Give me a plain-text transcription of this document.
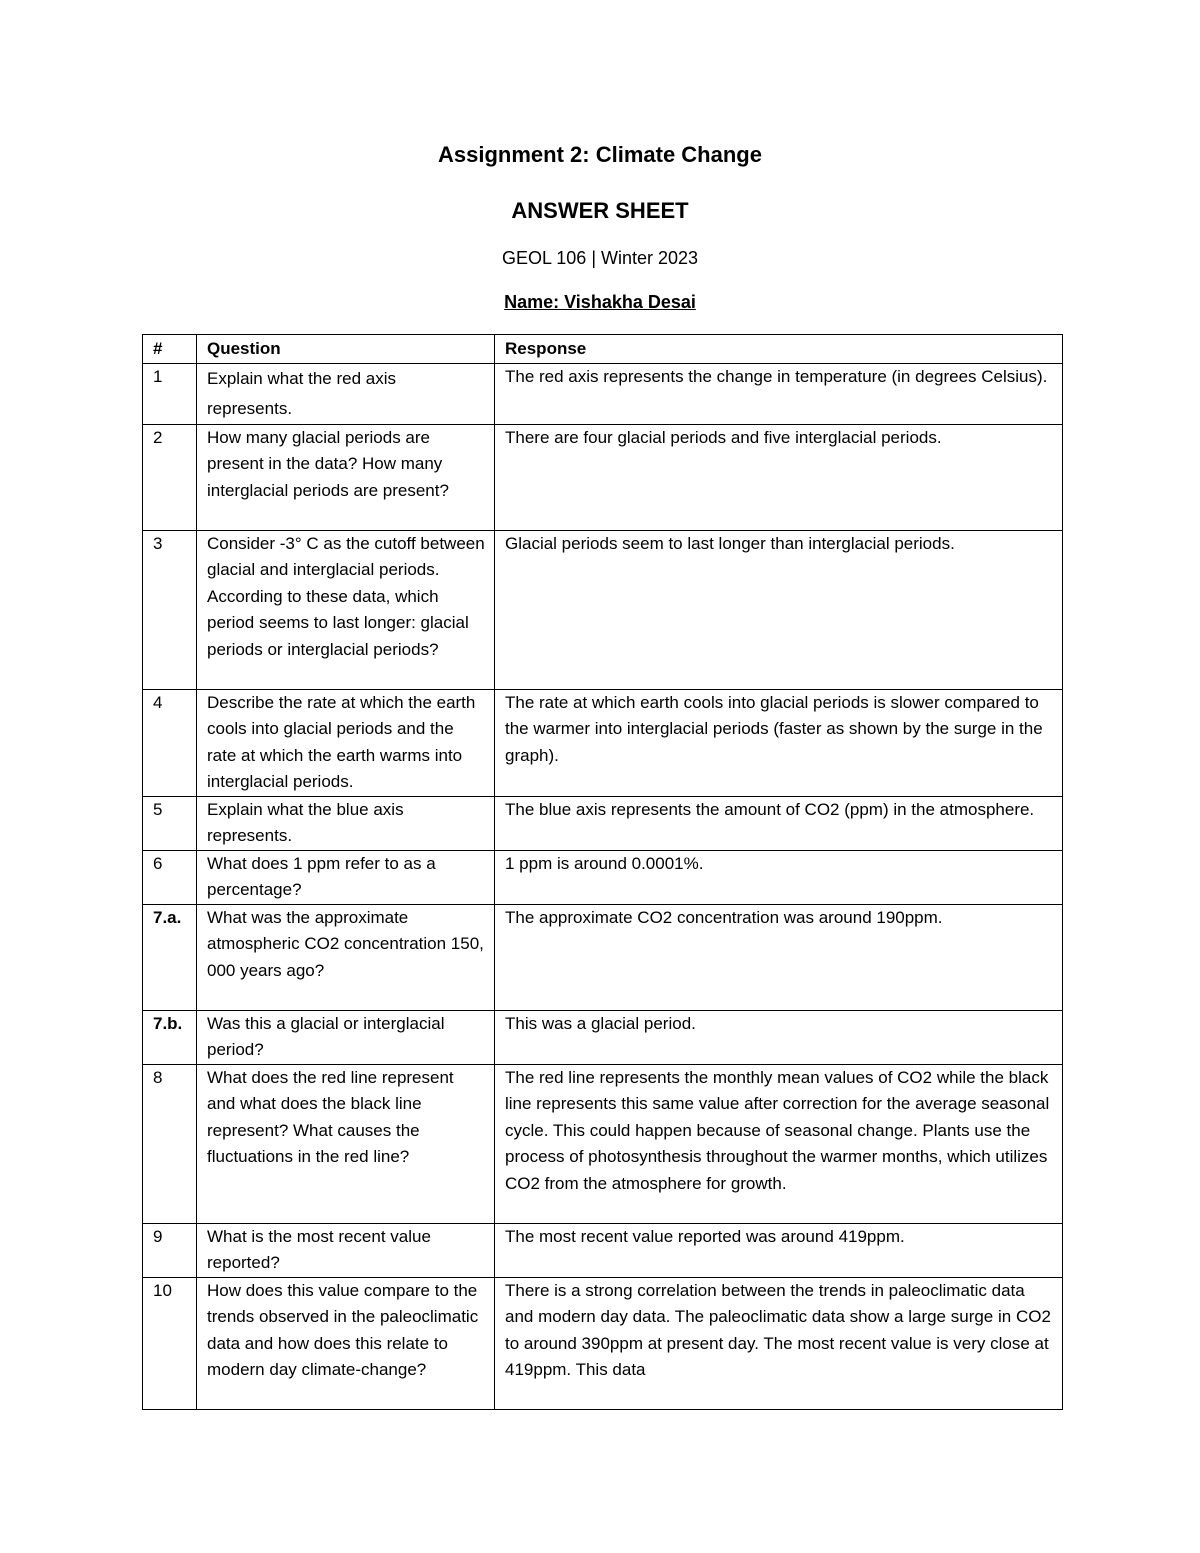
Assignment 2: Climate Change
ANSWER SHEET
GEOL 106 | Winter 2023
Name: Vishakha Desai
#	Question	Response
1	Explain what the red axis represents.	The red axis represents the change in temperature (in degrees Celsius).
2	How many glacial periods are present in the data? How many interglacial periods are present?	There are four glacial periods and five interglacial periods.
3	Consider -3° C as the cutoff between glacial and interglacial periods. According to these data, which period seems to last longer: glacial periods or interglacial periods?	Glacial periods seem to last longer than interglacial periods.
4	Describe the rate at which the earth cools into glacial periods and the rate at which the earth warms into interglacial periods.	The rate at which earth cools into glacial periods is slower compared to the warmer into interglacial periods (faster as shown by the surge in the graph).
5	Explain what the blue axis represents.	The blue axis represents the amount of CO2 (ppm) in the atmosphere.
6	What does 1 ppm refer to as a percentage?	1 ppm is around 0.0001%.
7.a.	What was the approximate atmospheric CO2 concentration 150, 000 years ago?	The approximate CO2 concentration was around 190ppm.
7.b.	Was this a glacial or interglacial period?	This was a glacial period.
8	What does the red line represent and what does the black line represent? What causes the fluctuations in the red line?	The red line represents the monthly mean values of CO2 while the black line represents this same value after correction for the average seasonal cycle. This could happen because of seasonal change. Plants use the process of photosynthesis throughout the warmer months, which utilizes CO2 from the atmosphere for growth.
9	What is the most recent value reported?	The most recent value reported was around 419ppm.
10	How does this value compare to the trends observed in the paleoclimatic data and how does this relate to modern day climate-change?	There is a strong correlation between the trends in paleoclimatic data and modern day data. The paleoclimatic data show a large surge in CO2 to around 390ppm at present day. The most recent value is very close at 419ppm. This data
